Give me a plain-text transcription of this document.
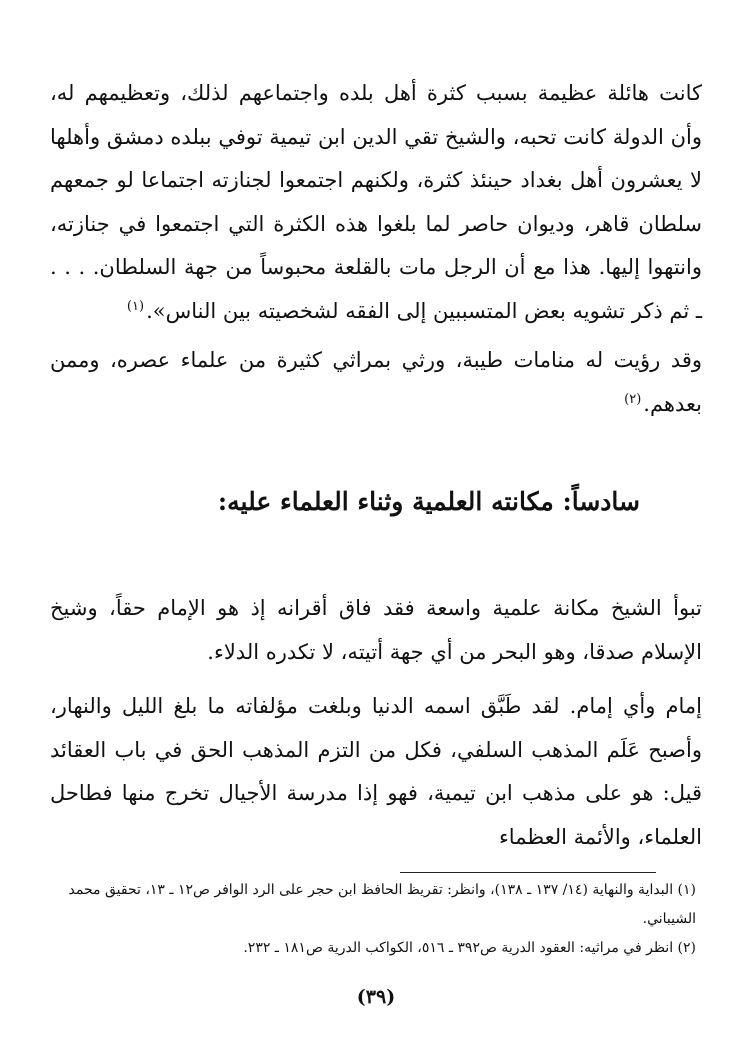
كانت هائلة عظيمة بسبب كثرة أهل بلده واجتماعهم لذلك، وتعظيمهم له، وأن الدولة كانت تحبه، والشيخ تقي الدين ابن تيمية توفي ببلده دمشق وأهلها لا يعشرون أهل بغداد حينئذ كثرة، ولكنهم اجتمعوا لجنازته اجتماعا لو جمعهم سلطان قاهر، وديوان حاصر لما بلغوا هذه الكثرة التي اجتمعوا في جنازته، وانتهوا إليها. هذا مع أن الرجل مات بالقلعة محبوساً من جهة السلطان. . . . ـ ثم ذكر تشويه بعض المتسببين إلى الفقه لشخصيته بين الناس».$^{(١)}$

وقد رؤيت له منامات طيبة، ورثي بمراثي كثيرة من علماء عصره، وممن بعدهم.$^{(٢)}$

سادساً: مكانته العلمية وثناء العلماء عليه:

تبوأ الشيخ مكانة علمية واسعة فقد فاق أقرانه إذ هو الإمام حقاً، وشيخ الإسلام صدقا، وهو البحر من أي جهة أتيته، لا تكدره الدلاء.

إمام وأي إمام. لقد طَبَّق اسمه الدنيا وبلغت مؤلفاته ما بلغ الليل والنهار، وأصبح عَلَم المذهب السلفي، فكل من التزم المذهب الحق في باب العقائد قيل: هو على مذهب ابن تيمية، فهو إذا مدرسة الأجيال تخرج منها فطاحل العلماء، والأئمة العظماء

(١) البداية والنهاية (١٤/ ١٣٧ ـ ١٣٨)، وانظر: تقريظ الحافظ ابن حجر على الرد الوافر ص١٢ ـ ١٣، تحقيق محمد الشيباني.
(٢) انظر في مراثيه: العقود الدرية ص٣٩٢ ـ ٥١٦، الكواكب الدرية ص١٨١ ـ ٢٣٢.
(٣٩)
